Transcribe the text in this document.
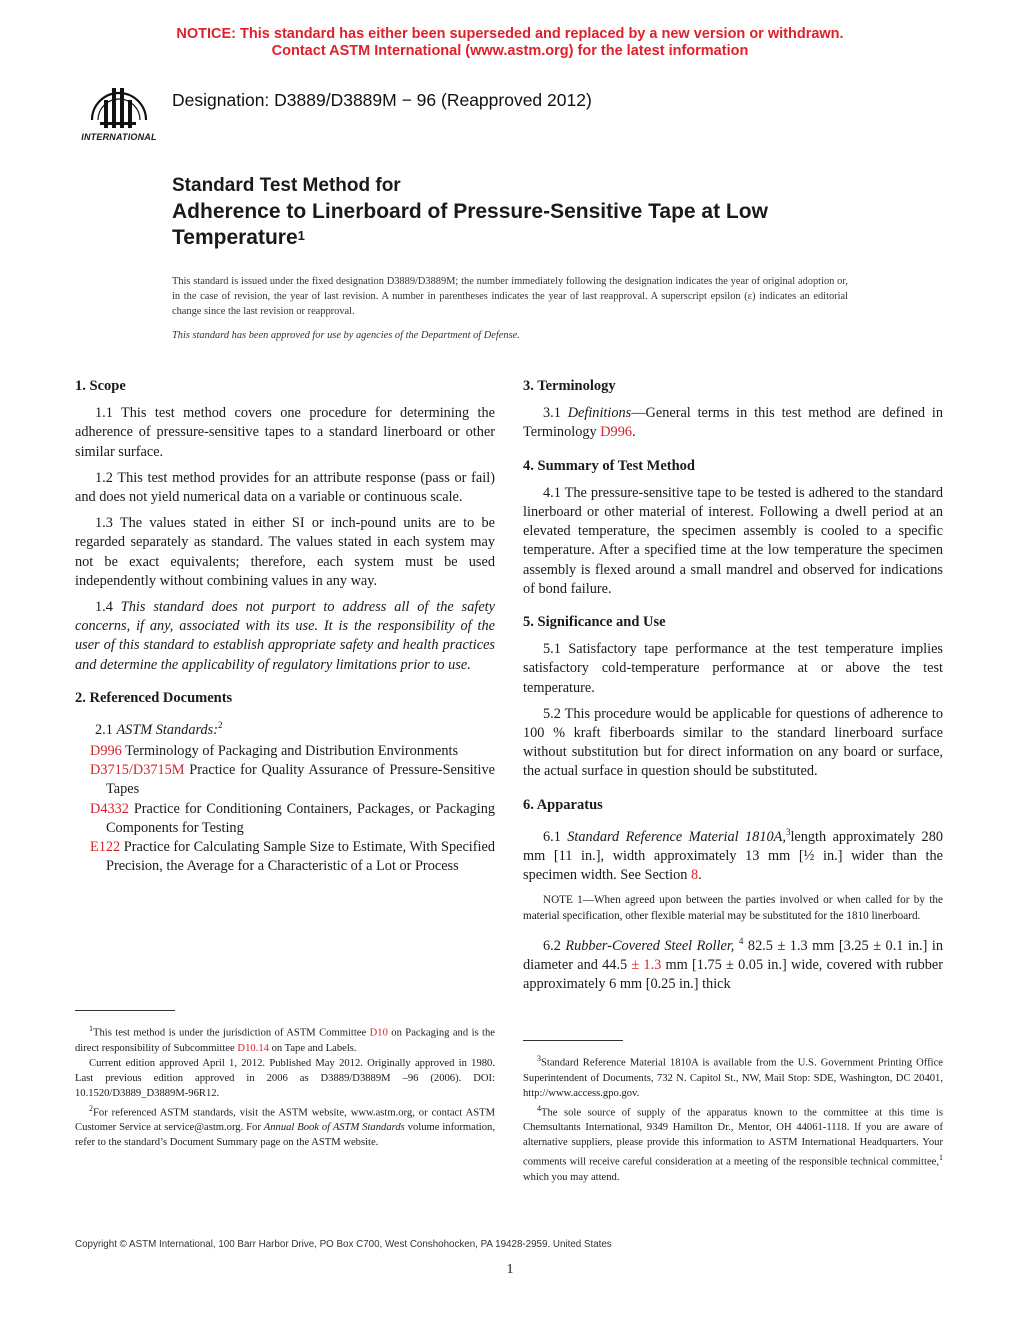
NOTICE: This standard has either been superseded and replaced by a new version or withdrawn.
Contact ASTM International (www.astm.org) for the latest information
INTERNATIONAL
Designation: D3889/D3889M − 96 (Reapproved 2012)
Standard Test Method for
Adherence to Linerboard of Pressure-Sensitive Tape at Low Temperature$^1$
This standard is issued under the fixed designation D3889/D3889M; the number immediately following the designation indicates the year of original adoption or, in the case of revision, the year of last revision. A number in parentheses indicates the year of last reapproval. A superscript epsilon (ε) indicates an editorial change since the last revision or reapproval.
This standard has been approved for use by agencies of the Department of Defense.
1. Scope

1.1 This test method covers one procedure for determining the adherence of pressure-sensitive tapes to a standard linerboard or other similar surface.

1.2 This test method provides for an attribute response (pass or fail) and does not yield numerical data on a variable or continuous scale.

1.3 The values stated in either SI or inch-pound units are to be regarded separately as standard. The values stated in each system may not be exact equivalents; therefore, each system must be used independently without combining values in any way.

1.4 This standard does not purport to address all of the safety concerns, if any, associated with its use. It is the responsibility of the user of this standard to establish appropriate safety and health practices and determine the applicability of regulatory limitations prior to use.

2. Referenced Documents

2.1 ASTM Standards:$^2$

D996 Terminology of Packaging and Distribution Environments
D3715/D3715M Practice for Quality Assurance of Pressure-Sensitive Tapes
D4332 Practice for Conditioning Containers, Packages, or Packaging Components for Testing
E122 Practice for Calculating Sample Size to Estimate, With Specified Precision, the Average for a Characteristic of a Lot or Process
3. Terminology

3.1 Definitions—General terms in this test method are defined in Terminology D996.

4. Summary of Test Method

4.1 The pressure-sensitive tape to be tested is adhered to the standard linerboard or other material of interest. Following a dwell period at an elevated temperature, the specimen assembly is cooled to a specific temperature. After a specified time at the low temperature the specimen assembly is flexed around a small mandrel and observed for indications of bond failure.

5. Significance and Use

5.1 Satisfactory tape performance at the test temperature implies satisfactory cold-temperature performance at or above the test temperature.

5.2 This procedure would be applicable for questions of adherence to 100 % kraft fiberboards similar to the standard linerboard surface without substitution but for direct information on any board or surface, the actual surface in question should be substituted.

6. Apparatus

6.1 Standard Reference Material 1810A,$^3$length approximately 280 mm [11 in.], width approximately 13 mm [½ in.] wider than the specimen width. See Section 8.

NOTE 1—When agreed upon between the parties involved or when called for by the material specification, other flexible material may be substituted for the 1810 linerboard.

6.2 Rubber-Covered Steel Roller, $^4$ 82.5 ± 1.3 mm [3.25 ± 0.1 in.] in diameter and 44.5 ± 1.3 mm [1.75 ± 0.05 in.] wide, covered with rubber approximately 6 mm [0.25 in.] thick

$^1$This test method is under the jurisdiction of ASTM Committee D10 on Packaging and is the direct responsibility of Subcommittee D10.14 on Tape and Labels.

Current edition approved April 1, 2012. Published May 2012. Originally approved in 1980. Last previous edition approved in 2006 as D3889/D3889M –96 (2006). DOI: 10.1520/D3889_D3889M-96R12.

$^2$For referenced ASTM standards, visit the ASTM website, www.astm.org, or contact ASTM Customer Service at service@astm.org. For Annual Book of ASTM Standards volume information, refer to the standard’s Document Summary page on the ASTM website.

$^3$Standard Reference Material 1810A is available from the U.S. Government Printing Office Superintendent of Documents, 732 N. Capitol St., NW, Mail Stop: SDE, Washington, DC 20401, http://www.access.gpo.gov.

$^4$The sole source of supply of the apparatus known to the committee at this time is Chemsultants International, 9349 Hamilton Dr., Mentor, OH 44061-1118. If you are aware of alternative suppliers, please provide this information to ASTM International Headquarters. Your comments will receive careful consideration at a meeting of the responsible technical committee,$^1$ which you may attend.

Copyright © ASTM International, 100 Barr Harbor Drive, PO Box C700, West Conshohocken, PA 19428-2959. United States
1
